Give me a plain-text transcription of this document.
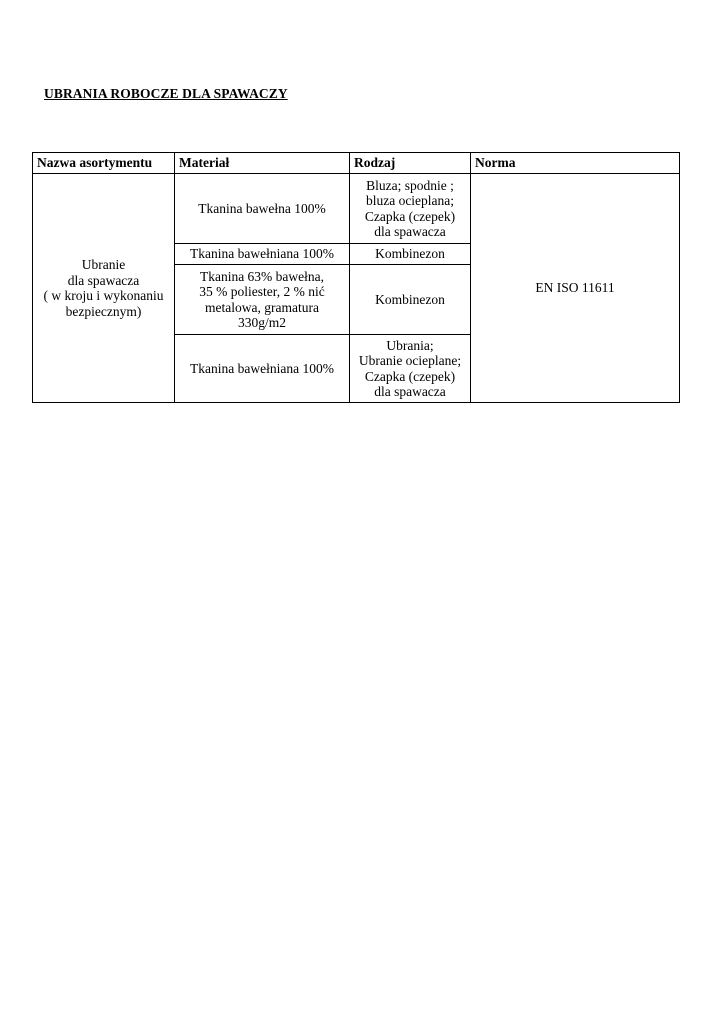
UBRANIA ROBOCZE DLA SPAWACZY
Nazwa asortymentu	Materiał	Rodzaj	Norma

Ubranie
dla spawacza
( w kroju i wykonaniu
bezpiecznym)	Tkanina bawełna 100%	Bluza; spodnie ;
bluza ocieplana;
Czapka (czepek)
dla spawacza	EN ISO 11611

	Tkanina bawełniana 100%	Kombinezon	

	Tkanina 63% bawełna,
35 % poliester, 2 % nić
metalowa, gramatura
330g/m2	Kombinezon	

	Tkanina bawełniana 100%	Ubrania;
Ubranie ocieplane;
Czapka (czepek)
dla spawacza	
